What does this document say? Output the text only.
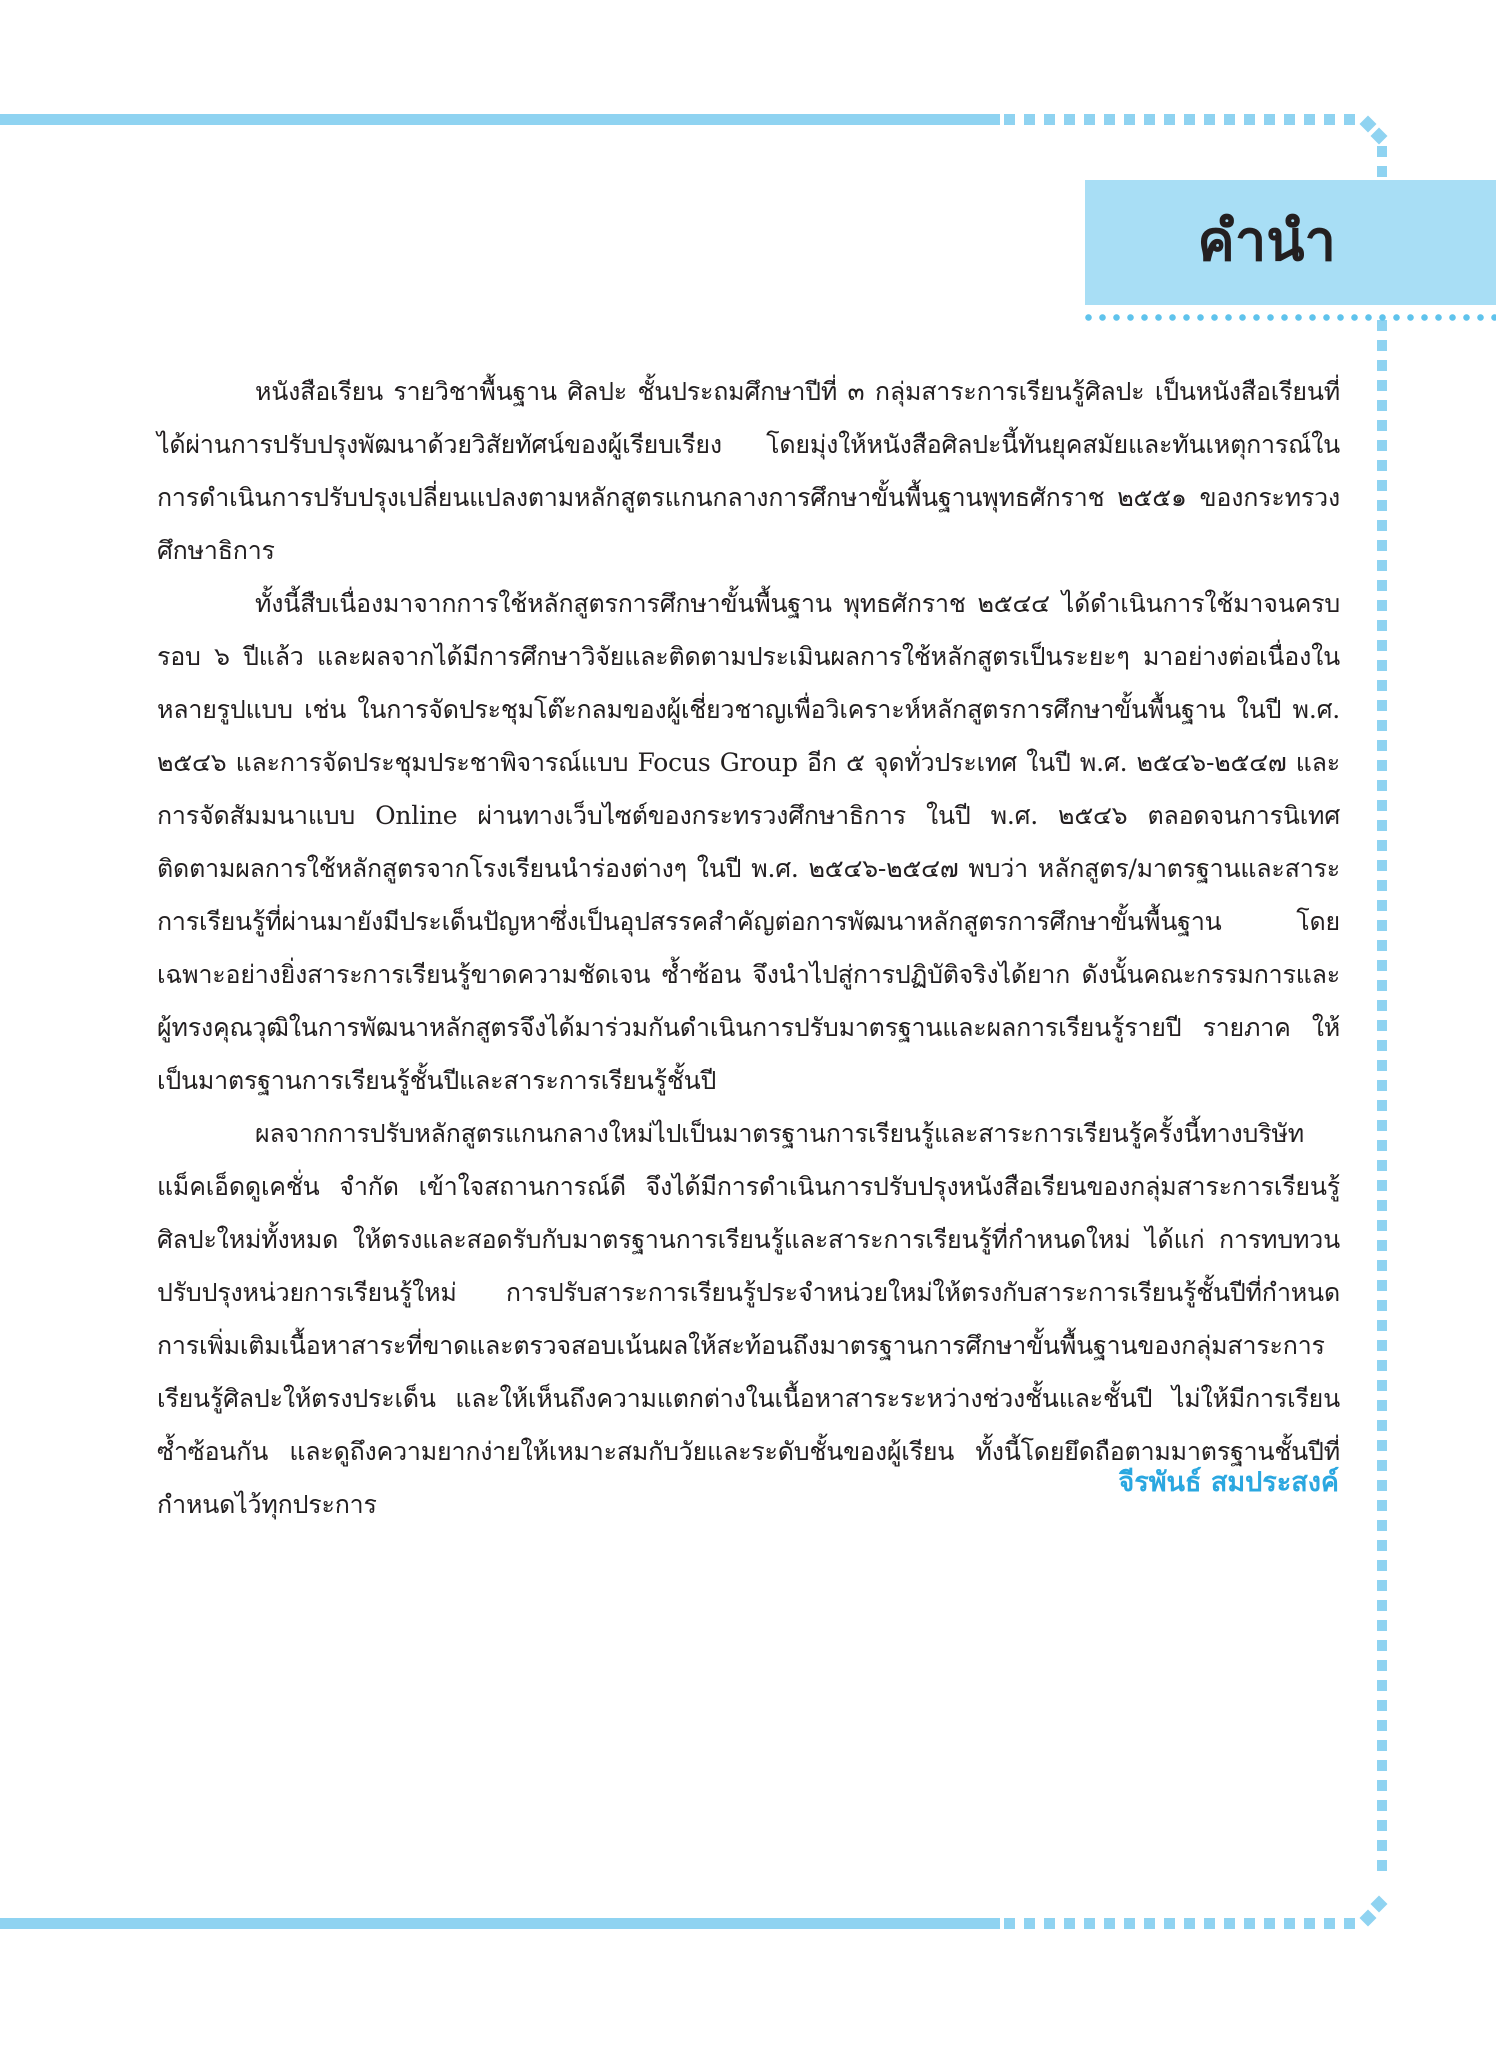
คำนำ

หนังสือเรียน รายวิชาพื้นฐาน ศิลปะ ชั้นประถมศึกษาปีที่ ๓ กลุ่มสาระการเรียนรู้ศิลปะ เป็นหนังสือเรียนที่ได้ผ่านการปรับปรุงพัฒนาด้วยวิสัยทัศน์ของผู้เรียบเรียง โดยมุ่งให้หนังสือศิลปะนี้ทันยุคสมัยและทันเหตุการณ์ในการดำเนินการปรับปรุงเปลี่ยนแปลงตามหลักสูตรแกนกลางการศึกษาขั้นพื้นฐานพุทธศักราช ๒๕๕๑ ของกระทรวงศึกษาธิการ

ทั้งนี้สืบเนื่องมาจากการใช้หลักสูตรการศึกษาขั้นพื้นฐาน พุทธศักราช ๒๕๔๔ ได้ดำเนินการใช้มาจนครบรอบ ๖ ปีแล้ว และผลจากได้มีการศึกษาวิจัยและติดตามประเมินผลการใช้หลักสูตรเป็นระยะๆ มาอย่างต่อเนื่องในหลายรูปแบบ เช่น ในการจัดประชุมโต๊ะกลมของผู้เชี่ยวชาญเพื่อวิเคราะห์หลักสูตรการศึกษาขั้นพื้นฐาน ในปี พ.ศ. ๒๕๔๖ และการจัดประชุมประชาพิจารณ์แบบ Focus Group อีก ๕ จุดทั่วประเทศ ในปี พ.ศ. ๒๕๔๖-๒๕๔๗ และการจัดสัมมนาแบบ Online ผ่านทางเว็บไซต์ของกระทรวงศึกษาธิการ ในปี พ.ศ. ๒๕๔๖ ตลอดจนการนิเทศติดตามผลการใช้หลักสูตรจากโรงเรียนนำร่องต่างๆ ในปี พ.ศ. ๒๕๔๖-๒๕๔๗ พบว่า หลักสูตร/มาตรฐานและสาระการเรียนรู้ที่ผ่านมายังมีประเด็นปัญหาซึ่งเป็นอุปสรรคสำคัญต่อการพัฒนาหลักสูตรการศึกษาขั้นพื้นฐาน โดยเฉพาะอย่างยิ่งสาระการเรียนรู้ขาดความชัดเจน ซ้ำซ้อน จึงนำไปสู่การปฏิบัติจริงได้ยาก ดังนั้นคณะกรรมการและผู้ทรงคุณวุฒิในการพัฒนาหลักสูตรจึงได้มาร่วมกันดำเนินการปรับมาตรฐานและผลการเรียนรู้รายปี รายภาค ให้เป็นมาตรฐานการเรียนรู้ชั้นปีและสาระการเรียนรู้ชั้นปี

ผลจากการปรับหลักสูตรแกนกลางใหม่ไปเป็นมาตรฐานการเรียนรู้และสาระการเรียนรู้ครั้งนี้ทางบริษัท แม็คเอ็ดดูเคชั่น จำกัด เข้าใจสถานการณ์ดี จึงได้มีการดำเนินการปรับปรุงหนังสือเรียนของกลุ่มสาระการเรียนรู้ศิลปะใหม่ทั้งหมด ให้ตรงและสอดรับกับมาตรฐานการเรียนรู้และสาระการเรียนรู้ที่กำหนดใหม่ ได้แก่ การทบทวนปรับปรุงหน่วยการเรียนรู้ใหม่ การปรับสาระการเรียนรู้ประจำหน่วยใหม่ให้ตรงกับสาระการเรียนรู้ชั้นปีที่กำหนด การเพิ่มเติมเนื้อหาสาระที่ขาดและตรวจสอบเน้นผลให้สะท้อนถึงมาตรฐานการศึกษาขั้นพื้นฐานของกลุ่มสาระการเรียนรู้ศิลปะให้ตรงประเด็น และให้เห็นถึงความแตกต่างในเนื้อหาสาระระหว่างช่วงชั้นและชั้นปี ไม่ให้มีการเรียนซ้ำซ้อนกัน และดูถึงความยากง่ายให้เหมาะสมกับวัยและระดับชั้นของผู้เรียน ทั้งนี้โดยยึดถือตามมาตรฐานชั้นปีที่กำหนดไว้ทุกประการ

จีรพันธ์ สมประสงค์
